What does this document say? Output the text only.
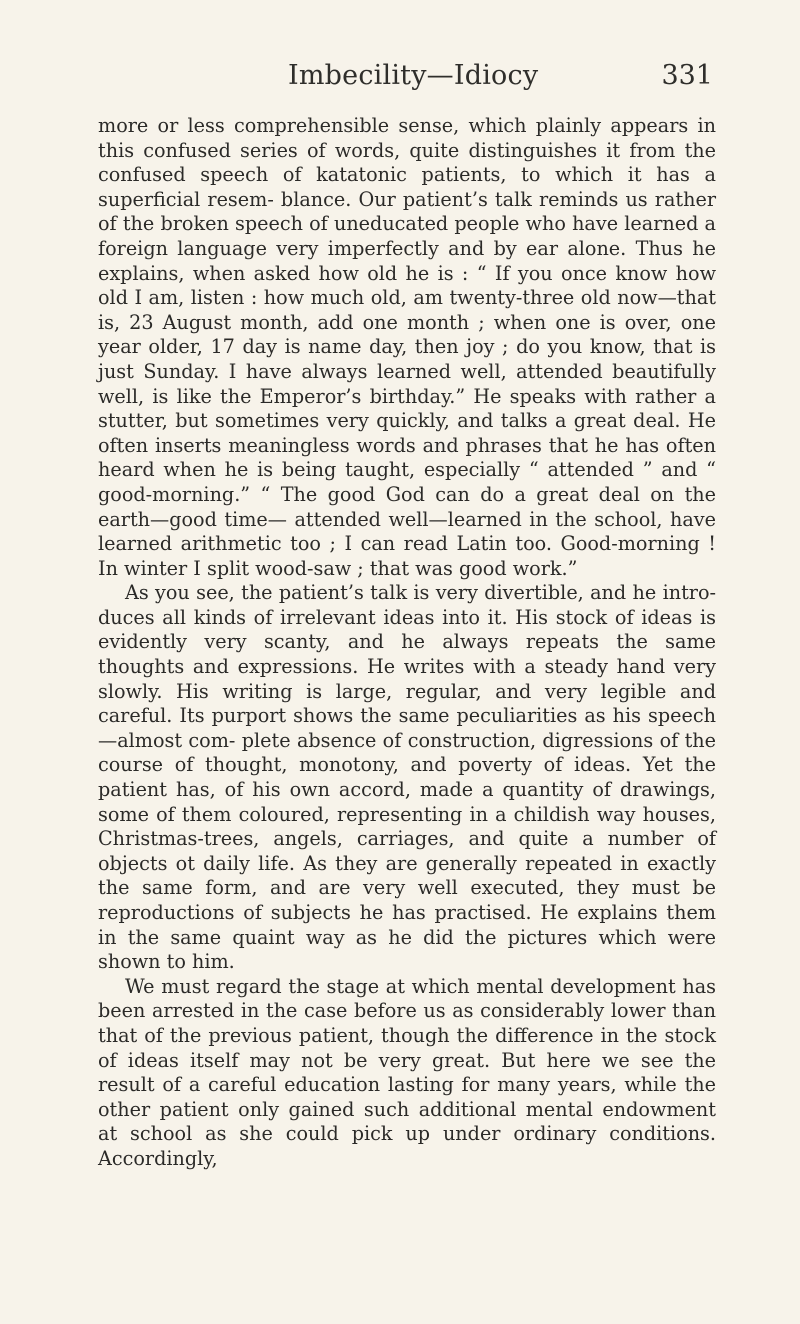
Imbecility—Idiocy	331

more or less comprehensible sense, which plainly appears in this confused series of words, quite distinguishes it from the confused speech of katatonic patients, to which it has a superficial resem- blance. Our patient’s talk reminds us rather of the broken speech of uneducated people who have learned a foreign language very imperfectly and by ear alone. Thus he explains, when asked how old he is : “ If you once know how old I am, listen : how much old, am twenty-three old now—that is, 23 August month, add one month ; when one is over, one year older, 17 day is name day, then joy ; do you know, that is just Sunday. I have always learned well, attended beautifully well, is like the Emperor’s birthday.” He speaks with rather a stutter, but sometimes very quickly, and talks a great deal. He often inserts meaningless words and phrases that he has often heard when he is being taught, especially “ attended ” and “ good-morning.” “ The good God can do a great deal on the earth—good time— attended well—learned in the school, have learned arithmetic too ; I can read Latin too. Good-morning ! In winter I split wood-saw ; that was good work.”

As you see, the patient’s talk is very divertible, and he intro- duces all kinds of irrelevant ideas into it. His stock of ideas is evidently very scanty, and he always repeats the same thoughts and expressions. He writes with a steady hand very slowly. His writing is large, regular, and very legible and careful. Its purport shows the same peculiarities as his speech—almost com- plete absence of construction, digressions of the course of thought, monotony, and poverty of ideas. Yet the patient has, of his own accord, made a quantity of drawings, some of them coloured, representing in a childish way houses, Christmas-trees, angels, carriages, and quite a number of objects ot daily life. As they are generally repeated in exactly the same form, and are very well executed, they must be reproductions of subjects he has practised. He explains them in the same quaint way as he did the pictures which were shown to him.

We must regard the stage at which mental development has been arrested in the case before us as considerably lower than that of the previous patient, though the difference in the stock of ideas itself may not be very great. But here we see the result of a careful education lasting for many years, while the other patient only gained such additional mental endowment at school as she could pick up under ordinary conditions. Accordingly,
